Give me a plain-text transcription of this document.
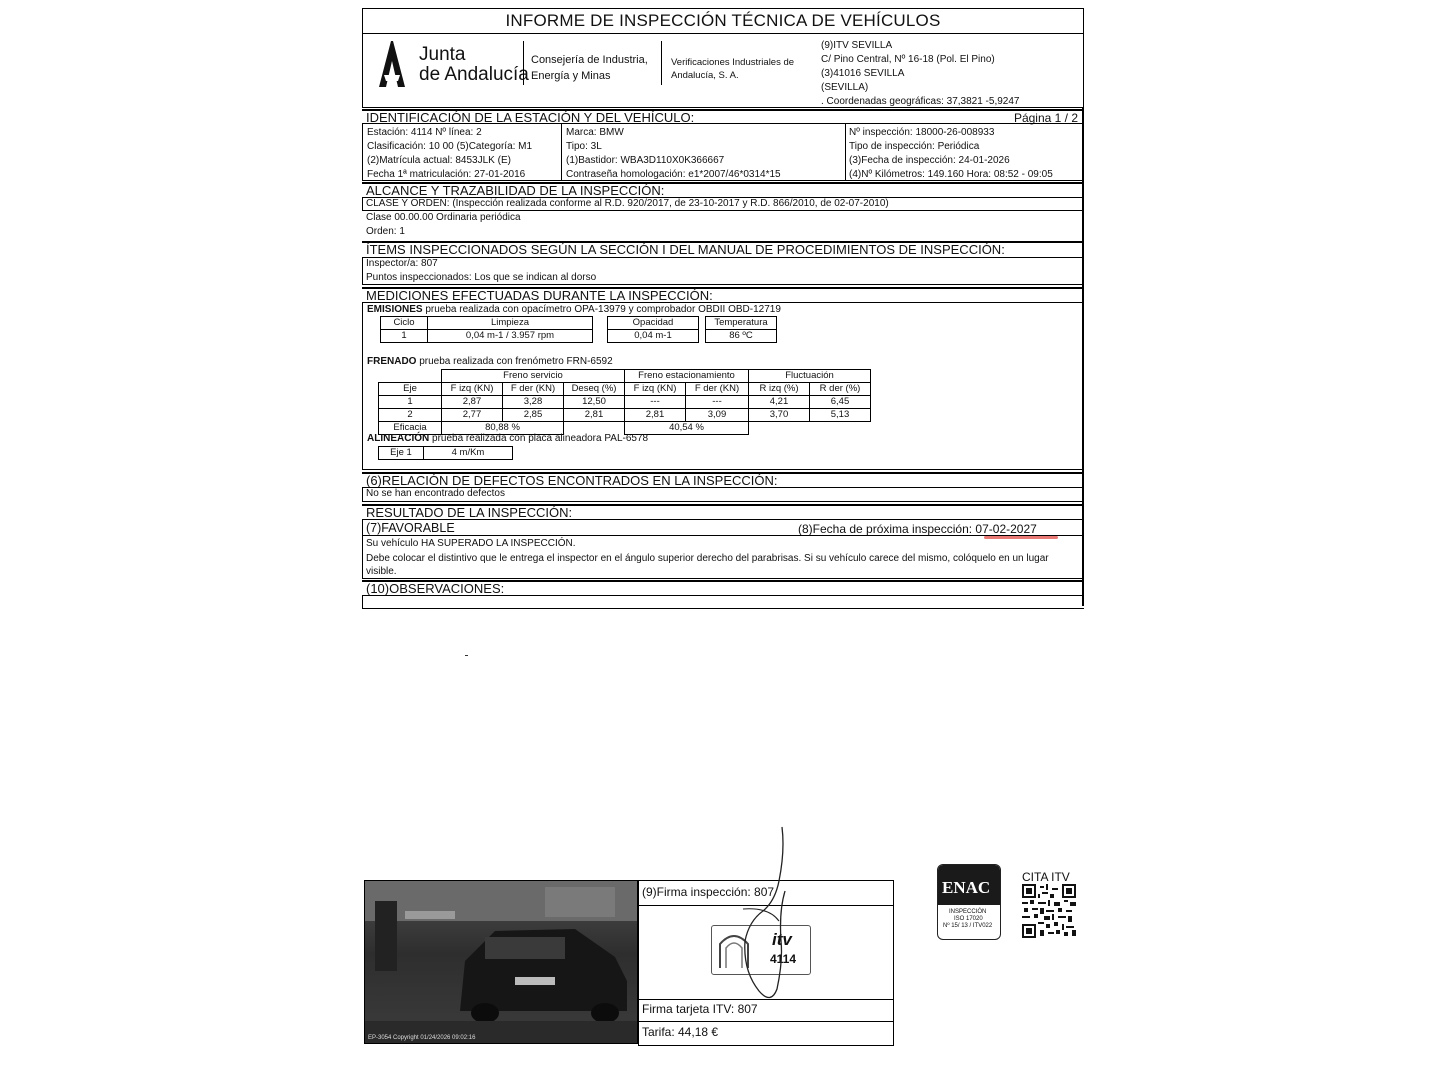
INFORME DE INSPECCIÓN TÉCNICA DE VEHÍCULOS
Junta
de Andalucía
Consejería de Industria,
Energía y Minas
Verificaciones Industriales de
Andalucía, S. A.
(9)ITV SEVILLA
C/ Pino Central, Nº 16-18 (Pol. El Pino)
(3)41016 SEVILLA
(SEVILLA)
. Coordenadas geográficas: 37,3821 -5,9247
IDENTIFICACIÓN DE LA ESTACIÓN Y DEL VEHÍCULO:	Página 1 / 2
Estación: 4114 Nº línea: 2
Clasificación: 10 00 (5)Categoría: M1
(2)Matrícula actual: 8453JLK (E)
Fecha 1ª matriculación: 27-01-2016
Marca: BMW
Tipo: 3L
(1)Bastidor: WBA3D110X0K366667
Contraseña homologación: e1*2007/46*0314*15
Nº inspección: 18000-26-008933
Tipo de inspección: Periódica
(3)Fecha de inspección: 24-01-2026
(4)Nº Kilómetros: 149.160 Hora: 08:52 - 09:05
ALCANCE Y TRAZABILIDAD DE LA INSPECCIÓN:
CLASE Y ORDEN: (Inspección realizada conforme al R.D. 920/2017, de 23-10-2017 y R.D. 866/2010, de 02-07-2010)
Clase 00.00.00 Ordinaria periódica
Orden: 1
ÍTEMS INSPECCIONADOS SEGÚN LA SECCIÓN I DEL MANUAL DE PROCEDIMIENTOS DE INSPECCIÓN:
Inspector/a: 807
Puntos inspeccionados: Los que se indican al dorso
MEDICIONES EFECTUADAS DURANTE LA INSPECCIÓN:
EMISIONES prueba realizada con opacímetro OPA-13979 y comprobador OBDII OBD-12719
Ciclo	Limpieza		Opacidad		Temperatura
1	0,04 m-1 / 3.957 rpm		0,04 m-1		86 ºC
FRENADO prueba realizada con frenómetro FRN-6592
	Freno servicio			Freno estacionamiento		Fluctuación	
Eje	F izq (KN)	F der (KN)	Deseq (%)	F izq (KN)	F der (KN)	R izq (%)	R der (%)
1	2,87	3,28	12,50	---	---	4,21	6,45
2	2,77	2,85	2,81	2,81	3,09	3,70	5,13
Eficacia	80,88 %			40,54 %			
ALINEACIÓN prueba realizada con placa alineadora PAL-6578
Eje 1	4 m/Km
(6)RELACIÓN DE DEFECTOS ENCONTRADOS EN LA INSPECCIÓN:
No se han encontrado defectos
RESULTADO DE LA INSPECCIÓN:
(7)FAVORABLE	(8)Fecha de próxima inspección: 07-02-2027
Su vehículo HA SUPERADO LA INSPECCIÓN.
Debe colocar el distintivo que le entrega el inspector en el ángulo superior derecho del parabrisas. Si su vehículo carece del mismo, colóquelo en un lugar
visible.
(10)OBSERVACIONES:
EP-3054 Copyright 01/24/2026 09:02:16
(9)Firma inspección: 807
itv
4114
Firma tarjeta ITV: 807
Tarifa: 44,18 €
ENAC
INSPECCIÓN
ISO 17020
Nº 15/ 13 / ITV022
CITA ITV
